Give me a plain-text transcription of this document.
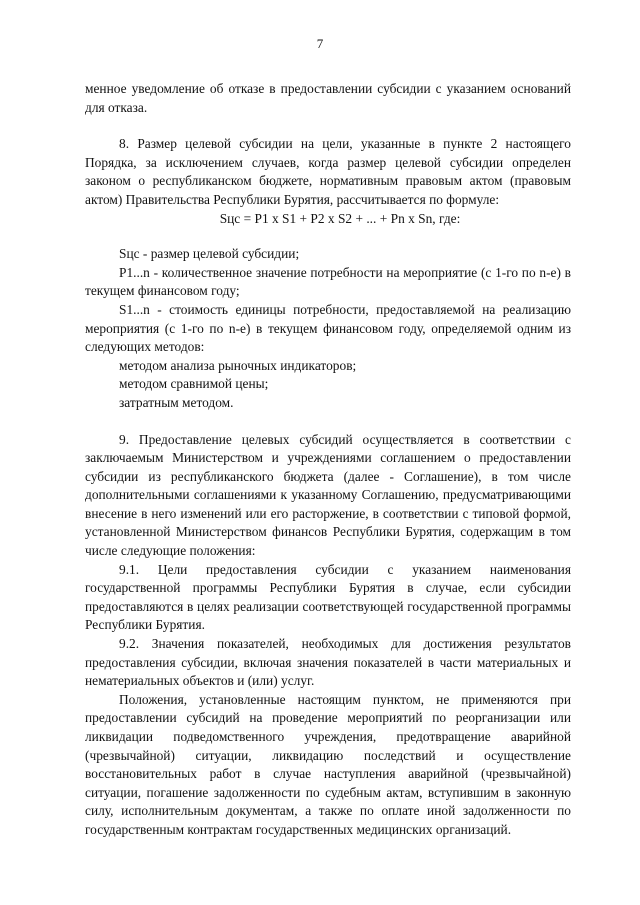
7

менное уведомление об отказе в предоставлении субсидии с указанием оснований для отказа.

8. Размер целевой субсидии на цели, указанные в пункте 2 настоящего Порядка, за исключением случаев, когда размер целевой субсидии определен законом о республиканском бюджете, нормативным правовым актом (правовым актом) Правительства Республики Бурятия, рассчитывается по формуле:

Sцс = P1 x S1 + P2 x S2 + ... + Pn x Sn, где:

Sцс - размер целевой субсидии;

P1...n - количественное значение потребности на мероприятие (с 1-го по n-е) в текущем финансовом году;

S1...n - стоимость единицы потребности, предоставляемой на реализацию мероприятия (с 1-го по n-е) в текущем финансовом году, определяемой одним из следующих методов:

методом анализа рыночных индикаторов;

методом сравнимой цены;

затратным методом.

9. Предоставление целевых субсидий осуществляется в соответствии с заключаемым Министерством и учреждениями соглашением о предоставлении субсидии из республиканского бюджета (далее - Соглашение), в том числе дополнительными соглашениями к указанному Соглашению, предусматривающими внесение в него изменений или его расторжение, в соответствии с типовой формой, установленной Министерством финансов Республики Бурятия, содержащим в том числе следующие положения:

9.1. Цели предоставления субсидии с указанием наименования государственной программы Республики Бурятия в случае, если субсидии предоставляются в целях реализации соответствующей государственной программы Республики Бурятия.

9.2. Значения показателей, необходимых для достижения результатов предоставления субсидии, включая значения показателей в части материальных и нематериальных объектов и (или) услуг.

Положения, установленные настоящим пунктом, не применяются при предоставлении субсидий на проведение мероприятий по реорганизации или ликвидации подведомственного учреждения, предотвращение аварийной (чрезвычайной) ситуации, ликвидацию последствий и осуществление восстановительных работ в случае наступления аварийной (чрезвычайной) ситуации, погашение задолженности по судебным актам, вступившим в законную силу, исполнительным документам, а также по оплате иной задолженности по государственным контрактам государственных медицинских организаций.
